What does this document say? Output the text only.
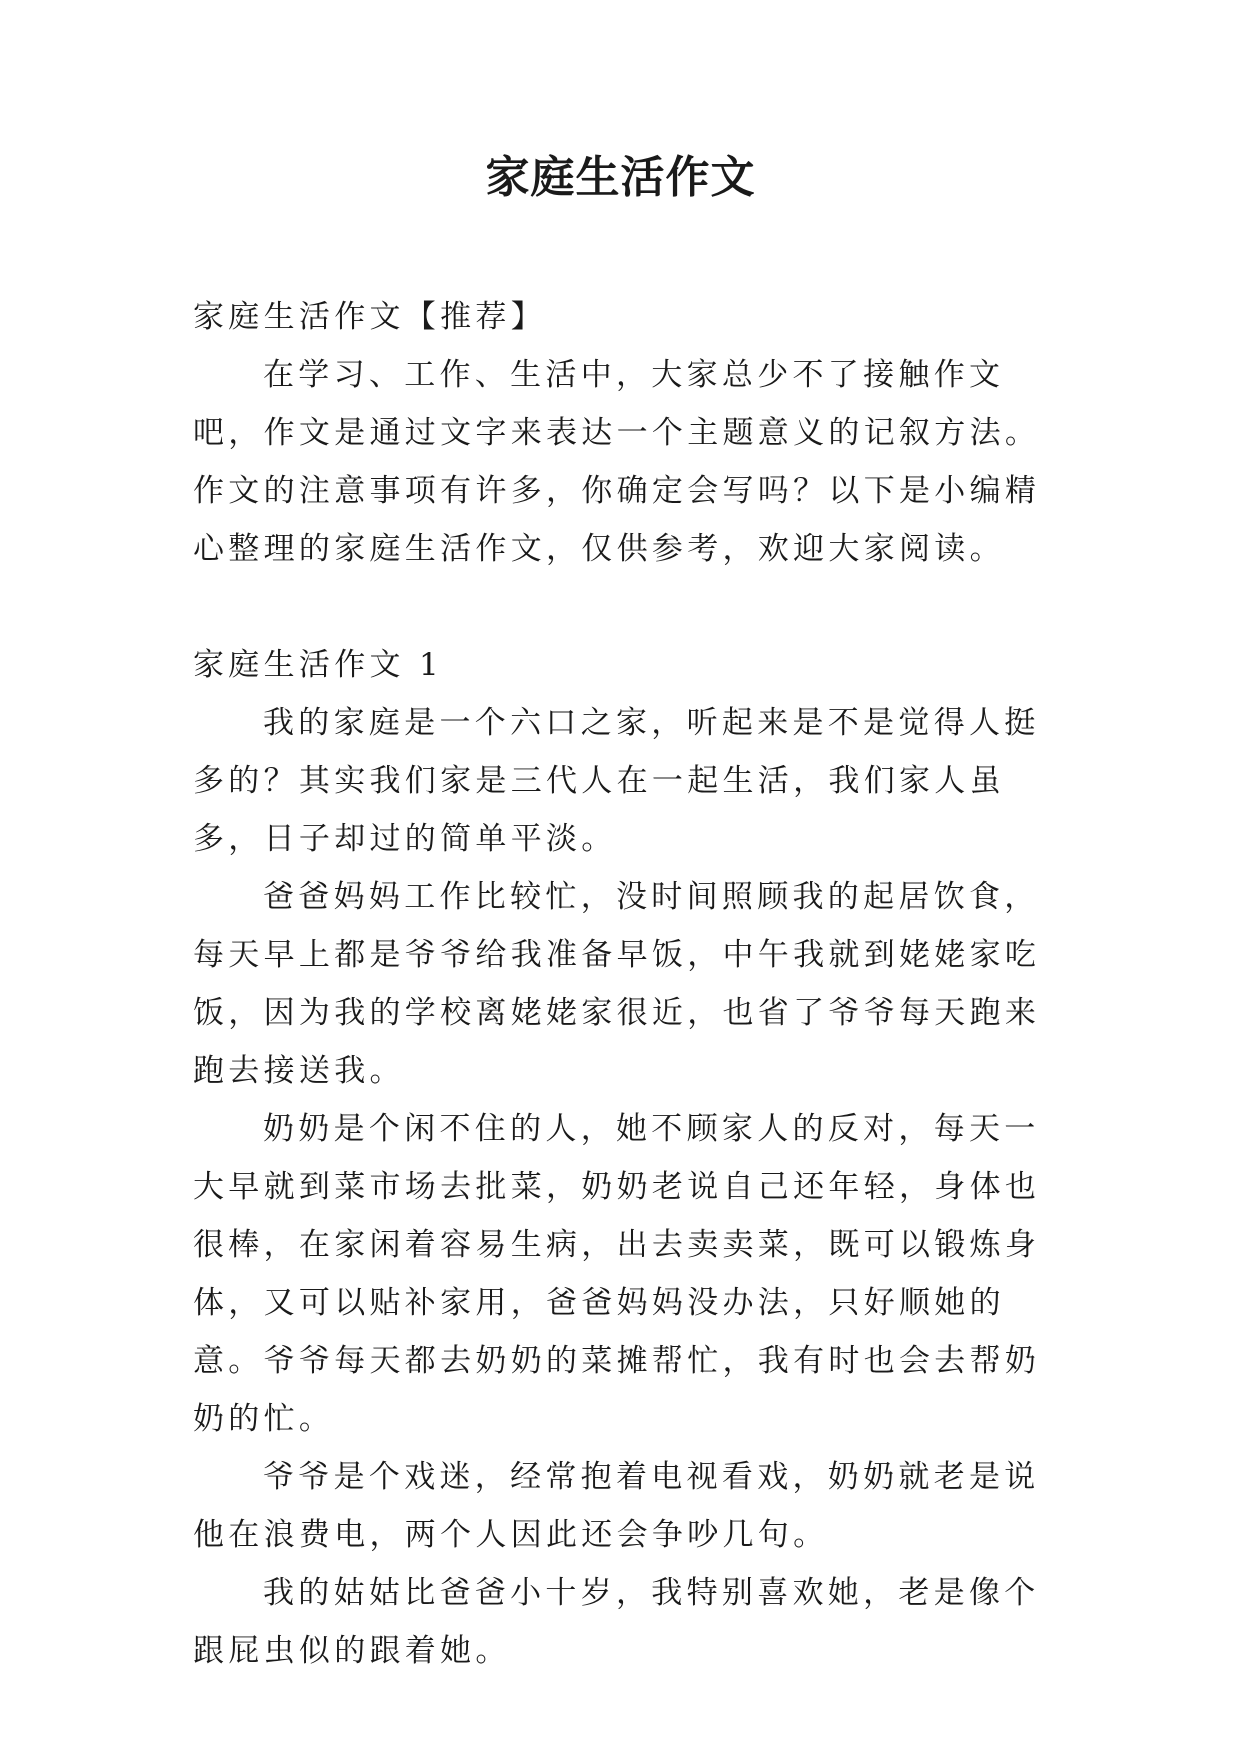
家庭生活作文

家庭生活作文【推荐】

在学习、工作、生活中，大家总少不了接触作文吧，作文是通过文字来表达一个主题意义的记叙方法。作文的注意事项有许多，你确定会写吗？以下是小编精心整理的家庭生活作文，仅供参考，欢迎大家阅读。

家庭生活作文 1

我的家庭是一个六口之家，听起来是不是觉得人挺多的？其实我们家是三代人在一起生活，我们家人虽多，日子却过的简单平淡。

爸爸妈妈工作比较忙，没时间照顾我的起居饮食，每天早上都是爷爷给我准备早饭，中午我就到姥姥家吃饭，因为我的学校离姥姥家很近，也省了爷爷每天跑来跑去接送我。

奶奶是个闲不住的人，她不顾家人的反对，每天一大早就到菜市场去批菜，奶奶老说自己还年轻，身体也很棒，在家闲着容易生病，出去卖卖菜，既可以锻炼身体，又可以贴补家用，爸爸妈妈没办法，只好顺她的意。爷爷每天都去奶奶的菜摊帮忙，我有时也会去帮奶奶的忙。

爷爷是个戏迷，经常抱着电视看戏，奶奶就老是说他在浪费电，两个人因此还会争吵几句。

我的姑姑比爸爸小十岁，我特别喜欢她，老是像个跟屁虫似的跟着她。
